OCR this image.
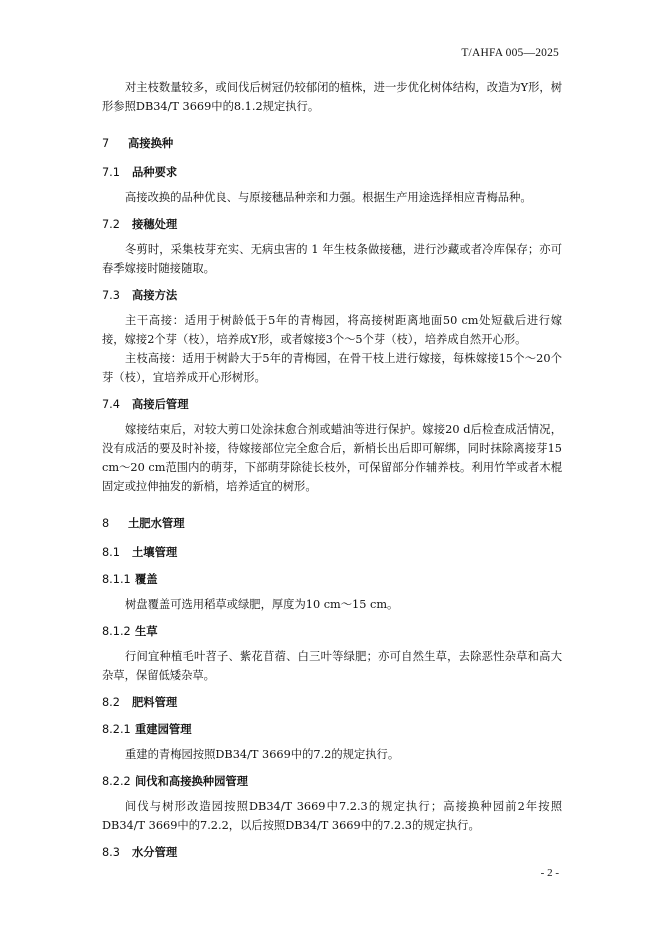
T/AHFA 005—2025

对主枝数量较多，或间伐后树冠仍较郁闭的植株，进一步优化树体结构，改造为Y形，树形参照DB34/T 3669中的8.1.2规定执行。

7 高接换种
7.1 品种要求

高接改换的品种优良、与原接穗品种亲和力强。根据生产用途选择相应青梅品种。

7.2 接穗处理

冬剪时，采集枝芽充实、无病虫害的 1 年生枝条做接穗，进行沙藏或者冷库保存；亦可春季嫁接时随接随取。

7.3 高接方法

主干高接：适用于树龄低于5年的青梅园，将高接树距离地面50 cm处短截后进行嫁接，嫁接2个芽（枝），培养成Y形，或者嫁接3个～5个芽（枝），培养成自然开心形。

主枝高接：适用于树龄大于5年的青梅园，在骨干枝上进行嫁接，每株嫁接15个～20个芽（枝），宜培养成开心形树形。

7.4 高接后管理

嫁接结束后，对较大剪口处涂抹愈合剂或蜡油等进行保护。嫁接20 d后检查成活情况，没有成活的要及时补接，待嫁接部位完全愈合后，新梢长出后即可解绑，同时抹除离接芽15 cm～20 cm范围内的萌芽，下部萌芽除徒长枝外，可保留部分作辅养枝。利用竹竿或者木棍固定或拉伸抽发的新梢，培养适宜的树形。

8 土肥水管理
8.1 土壤管理
8.1.1 覆盖

树盘覆盖可选用稻草或绿肥，厚度为10 cm～15 cm。

8.1.2 生草

行间宜种植毛叶苕子、紫花苜蓿、白三叶等绿肥；亦可自然生草，去除恶性杂草和高大杂草，保留低矮杂草。

8.2 肥料管理
8.2.1 重建园管理

重建的青梅园按照DB34/T 3669中的7.2的规定执行。

8.2.2 间伐和高接换种园管理

间伐与树形改造园按照DB34/T 3669中7.2.3的规定执行；高接换种园前2年按照DB34/T 3669中的7.2.2，以后按照DB34/T 3669中的7.2.3的规定执行。

8.3 水分管理
- 2 -
